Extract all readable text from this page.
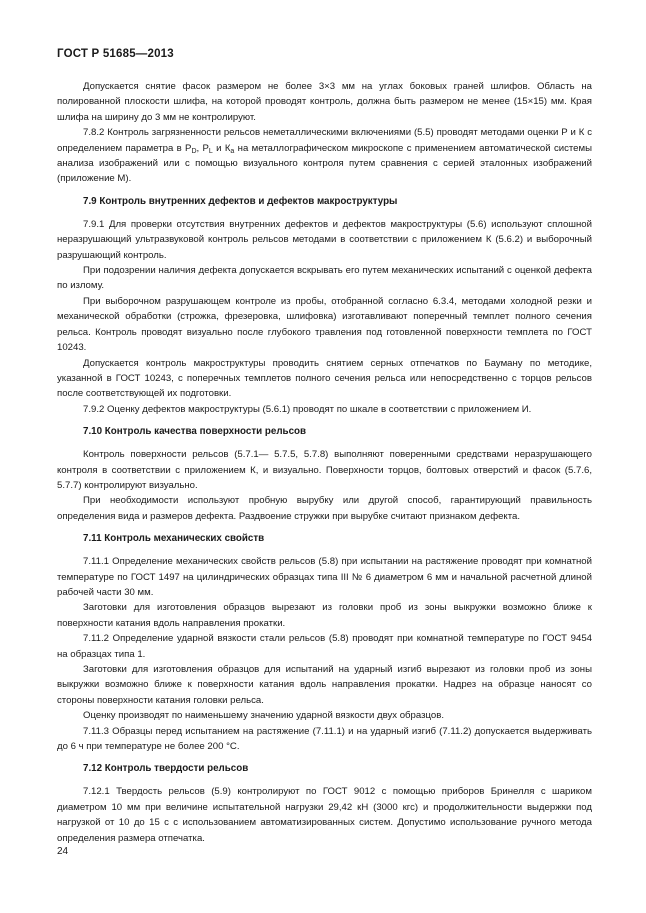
ГОСТ Р 51685—2013

Допускается снятие фасок размером не более 3×3 мм на углах боковых граней шлифов. Область на полированной плоскости шлифа, на которой проводят контроль, должна быть размером не менее (15×15) мм. Края шлифа на ширину до 3 мм не контролируют.

7.8.2 Контроль загрязненности рельсов неметаллическими включениями (5.5) проводят методами оценки Р и К с определением параметра в $Р_D$, $Р_L$ и $К_a$ на металлографическом микроскопе с применением автоматической системы анализа изображений или с помощью визуального контроля путем сравнения с серией эталонных изображений (приложение М).

7.9 Контроль внутренних дефектов и дефектов макроструктуры

7.9.1 Для проверки отсутствия внутренних дефектов и дефектов макроструктуры (5.6) используют сплошной неразрушающий ультразвуковой контроль рельсов методами в соответствии с приложением К (5.6.2) и выборочный разрушающий контроль.

При подозрении наличия дефекта допускается вскрывать его путем механических испытаний с оценкой дефекта по излому.

При выборочном разрушающем контроле из пробы, отобранной согласно 6.3.4, методами холодной резки и механической обработки (строжка, фрезеровка, шлифовка) изготавливают поперечный темплет полного сечения рельса. Контроль проводят визуально после глубокого травления под готовленной поверхности темплета по ГОСТ 10243.

Допускается контроль макроструктуры проводить снятием серных отпечатков по Бауману по методике, указанной в ГОСТ 10243, с поперечных темплетов полного сечения рельса или непосредственно с торцов рельсов после соответствующей их подготовки.

7.9.2 Оценку дефектов макроструктуры (5.6.1) проводят по шкале в соответствии с приложением И.

7.10 Контроль качества поверхности рельсов

Контроль поверхности рельсов (5.7.1— 5.7.5, 5.7.8) выполняют поверенными средствами неразрушающего контроля в соответствии с приложением К, и визуально. Поверхности торцов, болтовых отверстий и фасок (5.7.6, 5.7.7) контролируют визуально.

При необходимости используют пробную вырубку или другой способ, гарантирующий правильность определения вида и размеров дефекта. Раздвоение стружки при вырубке считают признаком дефекта.

7.11 Контроль механических свойств

7.11.1 Определение механических свойств рельсов (5.8) при испытании на растяжение проводят при комнатной температуре по ГОСТ 1497 на цилиндрических образцах типа III № 6 диаметром 6 мм и начальной расчетной длиной рабочей части 30 мм.

Заготовки для изготовления образцов вырезают из головки проб из зоны выкружки возможно ближе к поверхности катания вдоль направления прокатки.

7.11.2 Определение ударной вязкости стали рельсов (5.8) проводят при комнатной температуре по ГОСТ 9454 на образцах типа 1.

Заготовки для изготовления образцов для испытаний на ударный изгиб вырезают из головки проб из зоны выкружки возможно ближе к поверхности катания вдоль направления прокатки. Надрез на образце наносят со стороны поверхности катания головки рельса.

Оценку производят по наименьшему значению ударной вязкости двух образцов.

7.11.3 Образцы перед испытанием на растяжение (7.11.1) и на ударный изгиб (7.11.2) допускается выдерживать до 6 ч при температуре не более 200 °С.

7.12 Контроль твердости рельсов

7.12.1 Твердость рельсов (5.9) контролируют по ГОСТ 9012 с помощью приборов Бринелля с шариком диаметром 10 мм при величине испытательной нагрузки 29,42 кН (3000 кгс) и продолжительности выдержки под нагрузкой от 10 до 15 с с использованием автоматизированных систем. Допустимо использование ручного метода определения размера отпечатка.

24
